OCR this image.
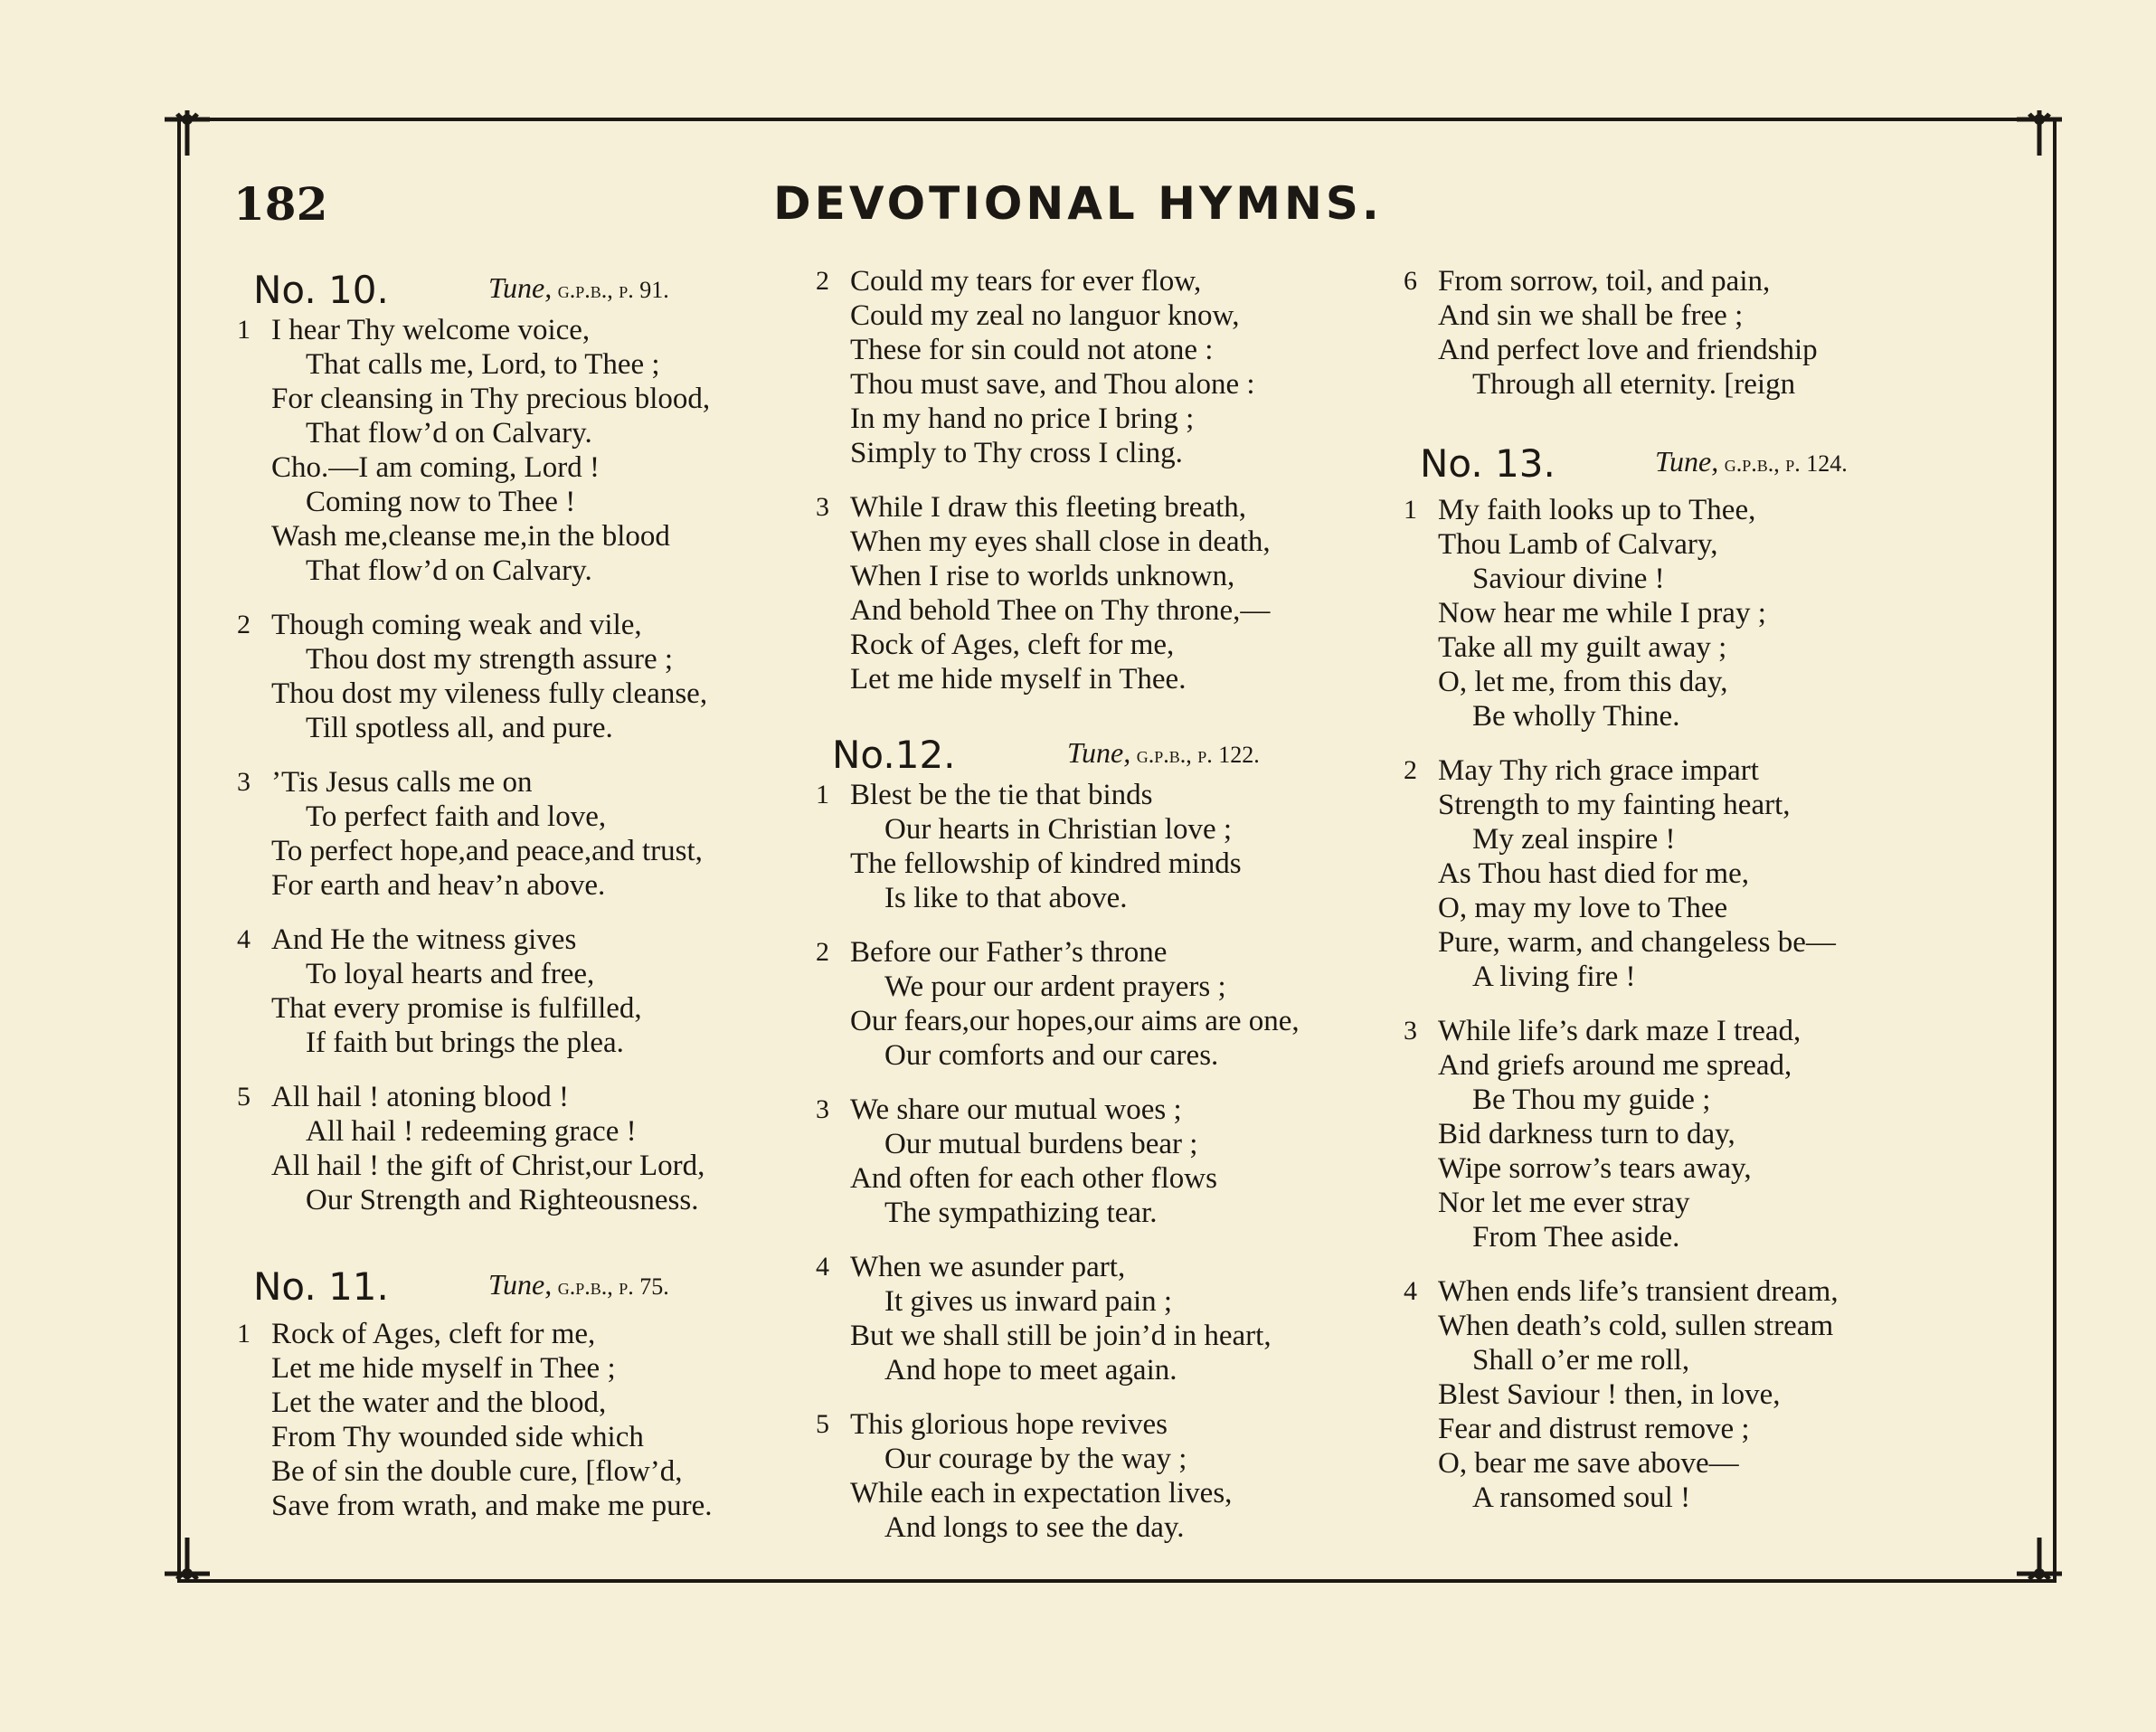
182	DEVOTIONAL HYMNS.
No. 10.	Tune, g.p.b., p. 91.
1 I hear Thy welcome voice,
That calls me, Lord, to Thee ;
For cleansing in Thy precious blood,
That flow’d on Calvary.
Cho.—I am coming, Lord !
Coming now to Thee !
Wash me,cleanse me,in the blood
That flow’d on Calvary.
2 Though coming weak and vile,
Thou dost my strength assure ;
Thou dost my vileness fully cleanse,
Till spotless all, and pure.
3 ’Tis Jesus calls me on
To perfect faith and love,
To perfect hope,and peace,and trust,
For earth and heav’n above.
4 And He the witness gives
To loyal hearts and free,
That every promise is fulfilled,
If faith but brings the plea.
5 All hail ! atoning blood !
All hail ! redeeming grace !
All hail ! the gift of Christ,our Lord,
Our Strength and Righteousness.
No. 11.	Tune, g.p.b., p. 75.
1 Rock of Ages, cleft for me,
Let me hide myself in Thee ;
Let the water and the blood,
From Thy wounded side which
Be of sin the double cure, [flow’d,
Save from wrath, and make me pure.
2 Could my tears for ever flow,
Could my zeal no languor know,
These for sin could not atone :
Thou must save, and Thou alone :
In my hand no price I bring ;
Simply to Thy cross I cling.
3 While I draw this fleeting breath,
When my eyes shall close in death,
When I rise to worlds unknown,
And behold Thee on Thy throne,—
Rock of Ages, cleft for me,
Let me hide myself in Thee.
No.12.	Tune, g.p.b., p. 122.
1 Blest be the tie that binds
Our hearts in Christian love ;
The fellowship of kindred minds
Is like to that above.
2 Before our Father’s throne
We pour our ardent prayers ;
Our fears,our hopes,our aims are one,
Our comforts and our cares.
3 We share our mutual woes ;
Our mutual burdens bear ;
And often for each other flows
The sympathizing tear.
4 When we asunder part,
It gives us inward pain ;
But we shall still be join’d in heart,
And hope to meet again.
5 This glorious hope revives
Our courage by the way ;
While each in expectation lives,
And longs to see the day.
6 From sorrow, toil, and pain,
And sin we shall be free ;
And perfect love and friendship
Through all eternity. [reign
No. 13.	Tune, g.p.b., p. 124.
1 My faith looks up to Thee,
Thou Lamb of Calvary,
Saviour divine !
Now hear me while I pray ;
Take all my guilt away ;
O, let me, from this day,
Be wholly Thine.
2 May Thy rich grace impart
Strength to my fainting heart,
My zeal inspire !
As Thou hast died for me,
O, may my love to Thee
Pure, warm, and changeless be—
A living fire !
3 While life’s dark maze I tread,
And griefs around me spread,
Be Thou my guide ;
Bid darkness turn to day,
Wipe sorrow’s tears away,
Nor let me ever stray
From Thee aside.
4 When ends life’s transient dream,
When death’s cold, sullen stream
Shall o’er me roll,
Blest Saviour ! then, in love,
Fear and distrust remove ;
O, bear me save above—
A ransomed soul !
